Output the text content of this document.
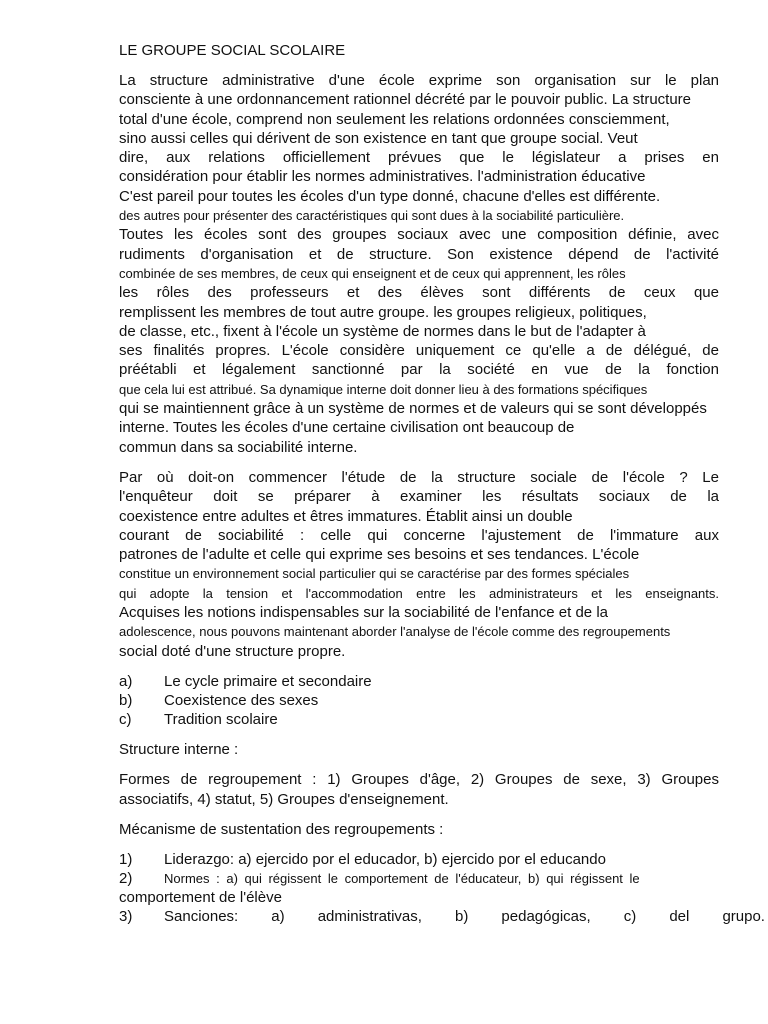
LE GROUPE SOCIAL SCOLAIRE
La structure administrative d'une école exprime son organisation sur le plan
consciente à une ordonnancement rationnel décrété par le pouvoir public. La structure
total d'une école, comprend non seulement les relations ordonnées consciemment,
sino aussi celles qui dérivent de son existence en tant que groupe social. Veut
dire, aux relations officiellement prévues que le législateur a prises en
considération pour établir les normes administratives. l'administration éducative
C'est pareil pour toutes les écoles d'un type donné, chacune d'elles est différente.
des autres pour présenter des caractéristiques qui sont dues à la sociabilité particulière.
Toutes les écoles sont des groupes sociaux avec une composition définie, avec
rudiments d'organisation et de structure. Son existence dépend de l'activité
combinée de ses membres, de ceux qui enseignent et de ceux qui apprennent, les rôles
les rôles des professeurs et des élèves sont différents de ceux que
remplissent les membres de tout autre groupe. les groupes religieux, politiques,
de classe, etc., fixent à l'école un système de normes dans le but de l'adapter à
ses finalités propres. L'école considère uniquement ce qu'elle a de délégué, de
préétabli et légalement sanctionné par la société en vue de la fonction
que cela lui est attribué. Sa dynamique interne doit donner lieu à des formations spécifiques
qui se maintiennent grâce à un système de normes et de valeurs qui se sont développés
interne. Toutes les écoles d'une certaine civilisation ont beaucoup de
commun dans sa sociabilité interne.
Par où doit-on commencer l'étude de la structure sociale de l'école ? Le
l'enquêteur doit se préparer à examiner les résultats sociaux de la
coexistence entre adultes et êtres immatures. Établit ainsi un double
courant de sociabilité : celle qui concerne l'ajustement de l'immature aux
patrones de l'adulte et celle qui exprime ses besoins et ses tendances. L'école
constitue un environnement social particulier qui se caractérise par des formes spéciales
qui adopte la tension et l'accommodation entre les administrateurs et les enseignants.
Acquises les notions indispensables sur la sociabilité de l'enfance et de la
adolescence, nous pouvons maintenant aborder l'analyse de l'école comme des regroupements
social doté d'une structure propre.
a) Le cycle primaire et secondaire
b) Coexistence des sexes
c) Tradition scolaire
Structure interne :
Formes de regroupement : 1) Groupes d'âge, 2) Groupes de sexe, 3) Groupes
associatifs, 4) statut, 5) Groupes d'enseignement.
Mécanisme de sustentation des regroupements :
1) Liderazgo: a) ejercido por el educador, b) ejercido por el educando
2) Normes : a) qui régissent le comportement de l'éducateur, b) qui régissent le
comportement de l'élève
3)	Sanciones: a) administrativas, b) pedagógicas, c) del grupo.
